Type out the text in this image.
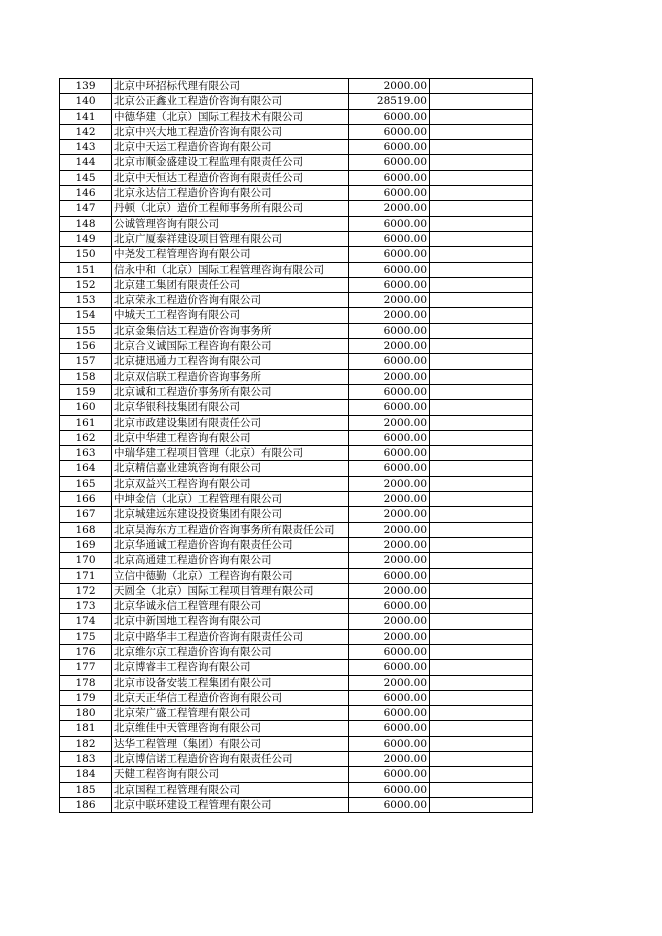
139	北京中环招标代理有限公司	2000.00	
140	北京公正鑫业工程造价咨询有限公司	28519.00	
141	中德华建（北京）国际工程技术有限公司	6000.00	
142	北京中兴大地工程造价咨询有限公司	6000.00	
143	北京中天运工程造价咨询有限公司	6000.00	
144	北京市顺金盛建设工程监理有限责任公司	6000.00	
145	北京中天恒达工程造价咨询有限责任公司	6000.00	
146	北京永达信工程造价咨询有限公司	6000.00	
147	丹顿（北京）造价工程师事务所有限公司	2000.00	
148	公诚管理咨询有限公司	6000.00	
149	北京广厦泰祥建设项目管理有限公司	6000.00	
150	中尧发工程管理咨询有限公司	6000.00	
151	信永中和（北京）国际工程管理咨询有限公司	6000.00	
152	北京建工集团有限责任公司	6000.00	
153	北京荣永工程造价咨询有限公司	2000.00	
154	中城天工工程咨询有限公司	2000.00	
155	北京金集信达工程造价咨询事务所	6000.00	
156	北京合义诚国际工程咨询有限公司	2000.00	
157	北京捷迅通力工程咨询有限公司	6000.00	
158	北京双信联工程造价咨询事务所	2000.00	
159	北京诚和工程造价事务所有限公司	6000.00	
160	北京华银科技集团有限公司	6000.00	
161	北京市政建设集团有限责任公司	2000.00	
162	北京中华建工程咨询有限公司	6000.00	
163	中瑞华建工程项目管理（北京）有限公司	6000.00	
164	北京精信嘉业建筑咨询有限公司	6000.00	
165	北京双益兴工程咨询有限公司	2000.00	
166	中坤金信（北京）工程管理有限公司	2000.00	
167	北京城建远东建设投资集团有限公司	2000.00	
168	北京昊海东方工程造价咨询事务所有限责任公司	2000.00	
169	北京华通诚工程造价咨询有限责任公司	2000.00	
170	北京高通建工程造价咨询有限公司	2000.00	
171	立信中德勤（北京）工程咨询有限公司	6000.00	
172	天圆全（北京）国际工程项目管理有限公司	2000.00	
173	北京华诚永信工程管理有限公司	6000.00	
174	北京中新国地工程咨询有限公司	2000.00	
175	北京中路华丰工程造价咨询有限责任公司	2000.00	
176	北京维尔京工程造价咨询有限公司	6000.00	
177	北京博睿丰工程咨询有限公司	6000.00	
178	北京市设备安装工程集团有限公司	2000.00	
179	北京天正华信工程造价咨询有限公司	6000.00	
180	北京荣广盛工程管理有限公司	6000.00	
181	北京维佳中天管理咨询有限公司	6000.00	
182	达华工程管理（集团）有限公司	6000.00	
183	北京博信诺工程造价咨询有限责任公司	2000.00	
184	天健工程咨询有限公司	6000.00	
185	北京国程工程管理有限公司	6000.00	
186	北京中联环建设工程管理有限公司	6000.00	
